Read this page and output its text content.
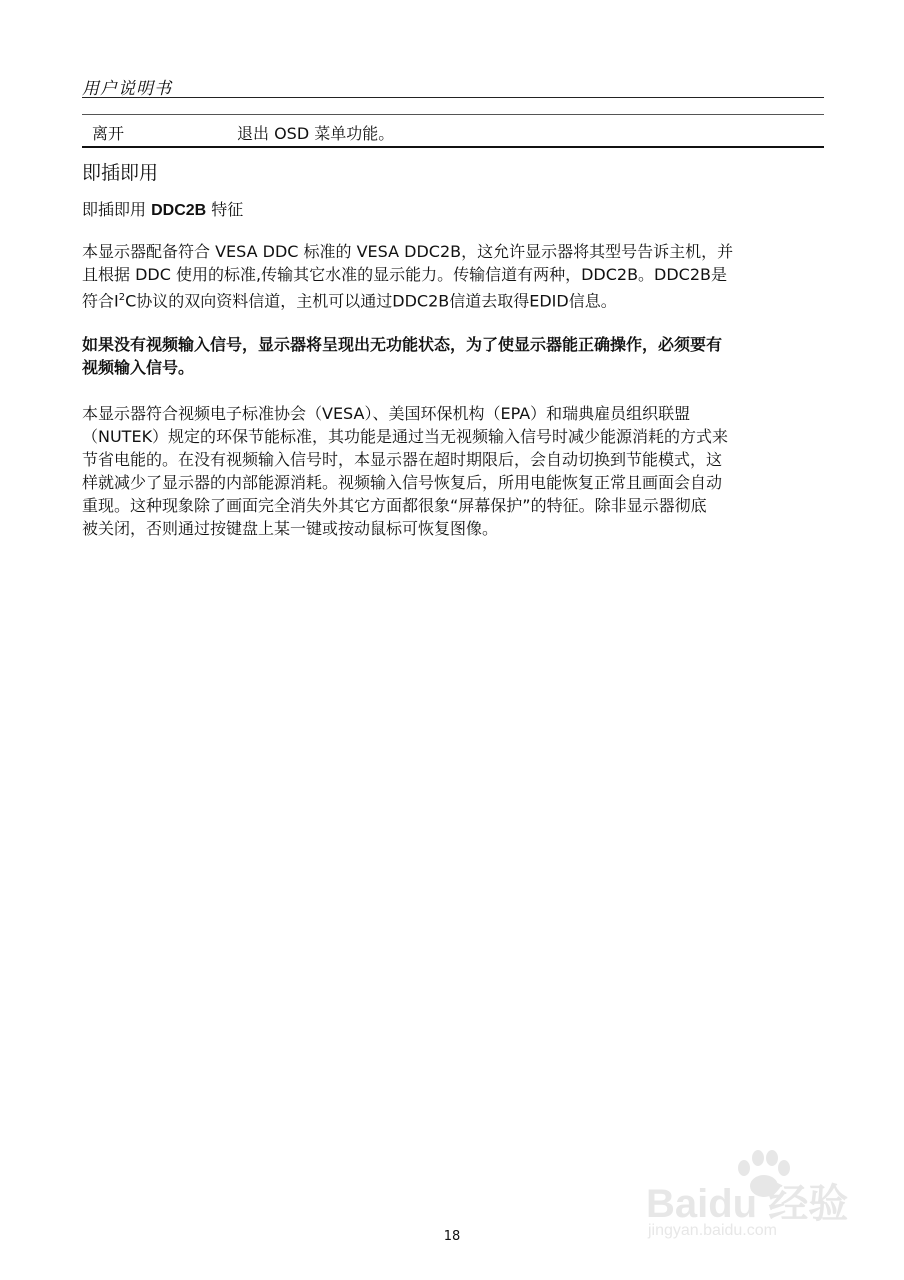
用户说明书
离开	退出 OSD 菜单功能。
即插即用
即插即用 DDC2B 特征
本显示器配备符合 VESA DDC 标准的 VESA DDC2B，这允许显示器将其型号告诉主机，并
且根据 DDC 使用的标准,传输其它水准的显示能力。传输信道有两种，DDC2B。DDC2B是
符合$I^2C$协议的双向资料信道，主机可以通过DDC2B信道去取得EDID信息。
如果没有视频输入信号，显示器将呈现出无功能状态，为了使显示器能正确操作，必须要有
视频输入信号。
本显示器符合视频电子标准协会（VESA）、美国环保机构（EPA）和瑞典雇员组织联盟
（NUTEK）规定的环保节能标准，其功能是通过当无视频输入信号时减少能源消耗的方式来
节省电能的。在没有视频输入信号时，本显示器在超时期限后，会自动切换到节能模式，这
样就减少了显示器的内部能源消耗。视频输入信号恢复后，所用电能恢复正常且画面会自动
重现。这种现象除了画面完全消失外其它方面都很象“屏幕保护”的特征。除非显示器彻底
被关闭，否则通过按键盘上某一键或按动鼠标可恢复图像。
Baidu 经验
jingyan.baidu.com
18
